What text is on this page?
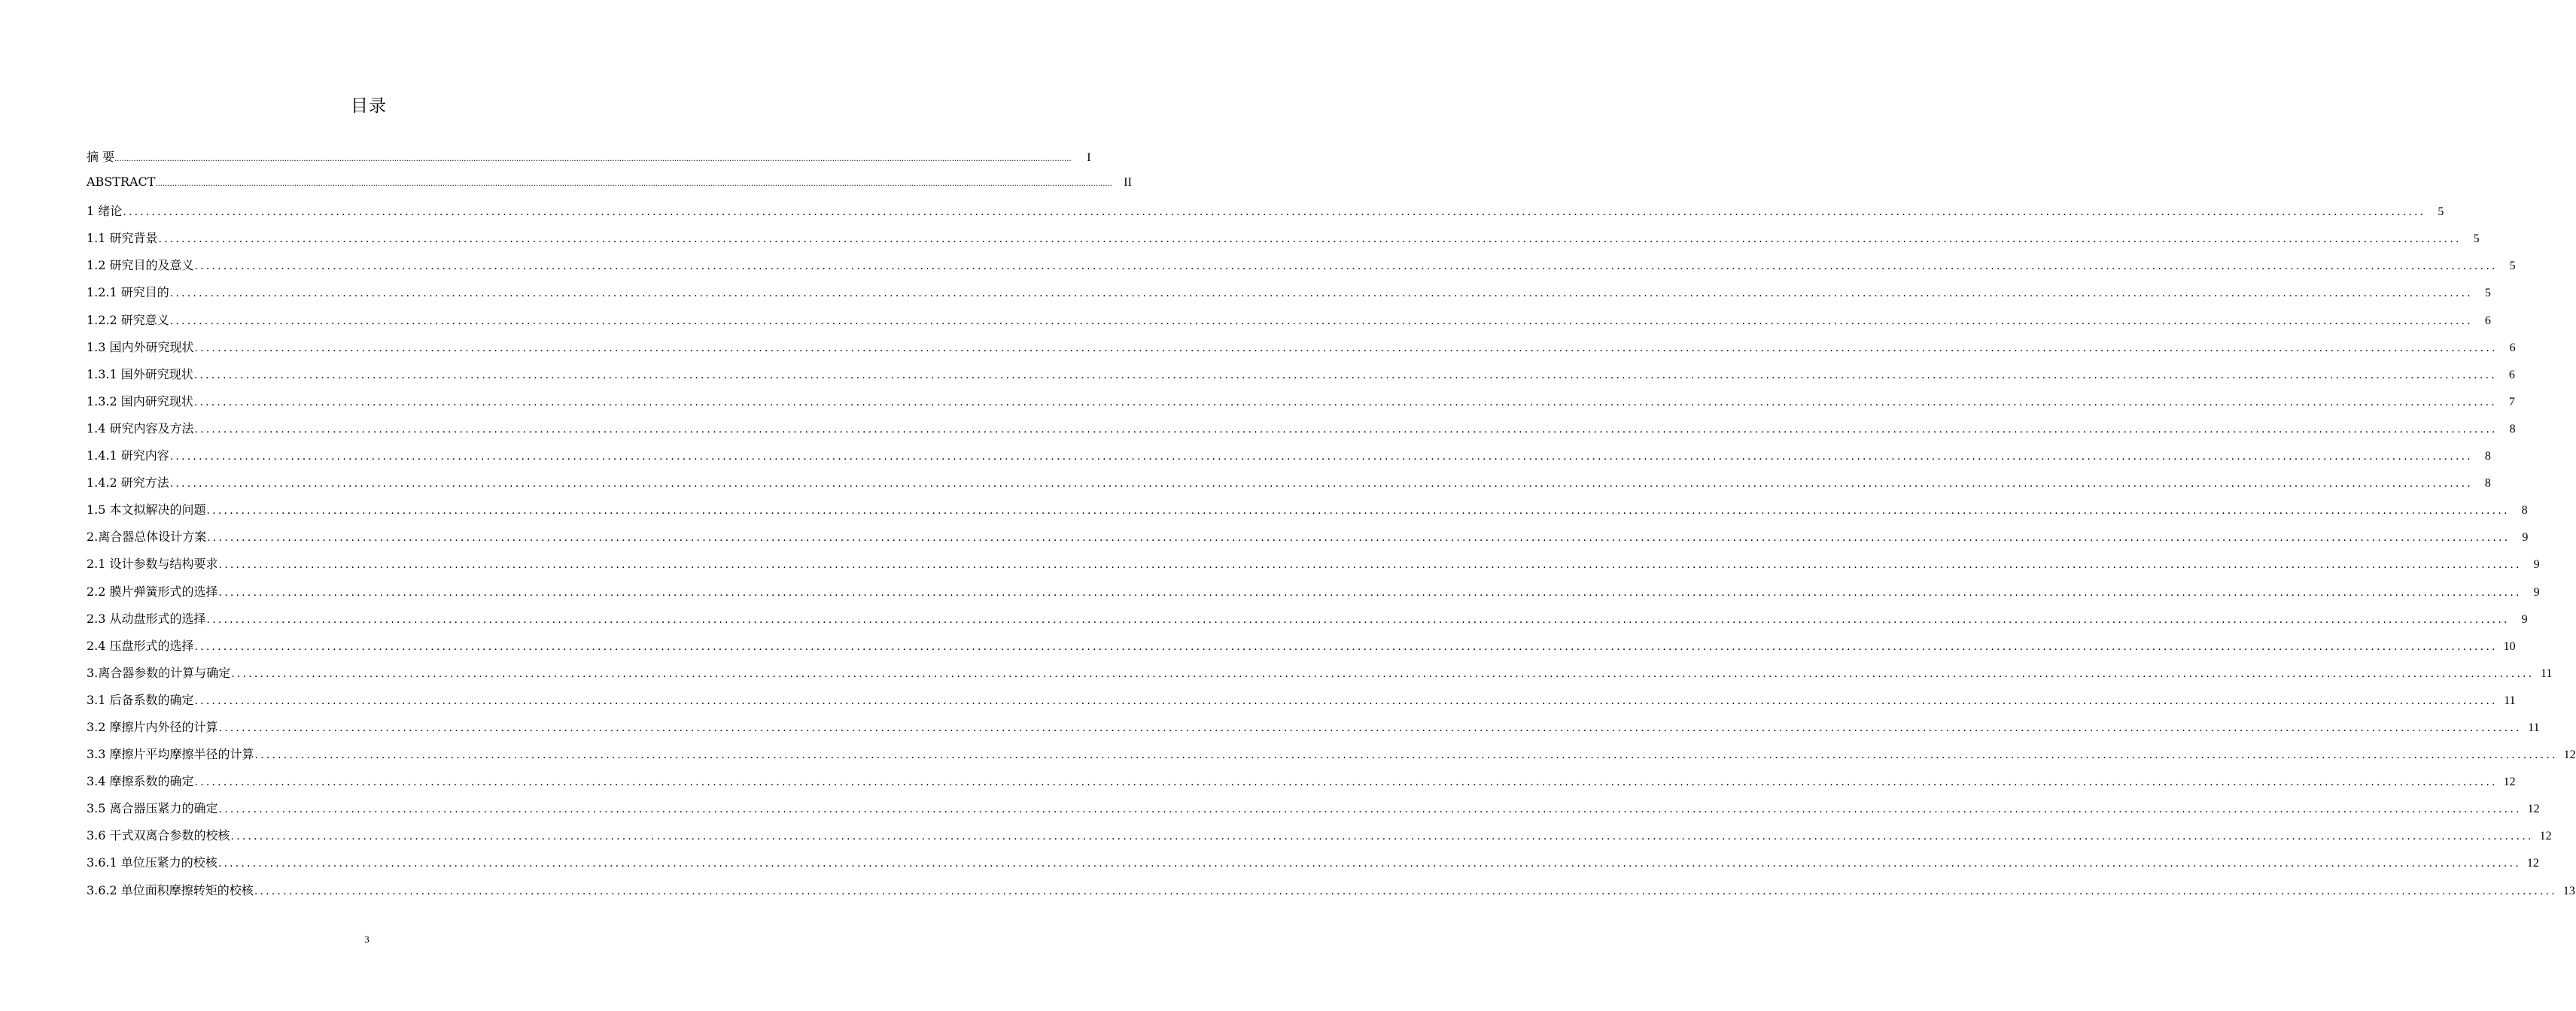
目录
摘 要 ................................................................................................................................................................................................................................................................................................................................................................................................................	I
ABSTRACT ................................................................................................................................................................................................................................................................................................................................................................................................................ II
1 绪论 ................................................................................................................................................................................................................................................................................................................................................................................................................	5
1.1 研究背景 ................................................................................................................................................................................................................................................................................................................................................................................................................	5
1.2 研究目的及意义 ................................................................................................................................................................................................................................................................................................................................................................................................................	5
1.2.1 研究目的 ................................................................................................................................................................................................................................................................................................................................................................................................................	5
1.2.2 研究意义 ................................................................................................................................................................................................................................................................................................................................................................................................................	6
1.3 国内外研究现状 ................................................................................................................................................................................................................................................................................................................................................................................................................	6
1.3.1 国外研究现状 ................................................................................................................................................................................................................................................................................................................................................................................................................	6
1.3.2 国内研究现状 ................................................................................................................................................................................................................................................................................................................................................................................................................	7
1.4 研究内容及方法 ................................................................................................................................................................................................................................................................................................................................................................................................................	8
1.4.1 研究内容 ................................................................................................................................................................................................................................................................................................................................................................................................................	8
1.4.2 研究方法 ................................................................................................................................................................................................................................................................................................................................................................................................................	8
1.5 本文拟解决的问题 ................................................................................................................................................................................................................................................................................................................................................................................................................	8
2.离合器总体设计方案 ................................................................................................................................................................................................................................................................................................................................................................................................................	9
2.1 设计参数与结构要求 ................................................................................................................................................................................................................................................................................................................................................................................................................	9
2.2 膜片弹簧形式的选择 ................................................................................................................................................................................................................................................................................................................................................................................................................	9
2.3 从动盘形式的选择 ................................................................................................................................................................................................................................................................................................................................................................................................................	9
2.4 压盘形式的选择 ................................................................................................................................................................................................................................................................................................................................................................................................................ 10
3.离合器参数的计算与确定 ................................................................................................................................................................................................................................................................................................................................................................................................................ 11
3.1 后备系数的确定 ................................................................................................................................................................................................................................................................................................................................................................................................................ 11
3.2 摩擦片内外径的计算 ................................................................................................................................................................................................................................................................................................................................................................................................................ 11
3.3 摩擦片平均摩擦半径的计算 ................................................................................................................................................................................................................................................................................................................................................................................................................ 12
3.4 摩擦系数的确定 ................................................................................................................................................................................................................................................................................................................................................................................................................ 12
3.5 离合器压紧力的确定 ................................................................................................................................................................................................................................................................................................................................................................................................................ 12
3.6 干式双离合参数的校核 ................................................................................................................................................................................................................................................................................................................................................................................................................ 12
3.6.1 单位压紧力的校核 ................................................................................................................................................................................................................................................................................................................................................................................................................ 12
3.6.2 单位面积摩擦转矩的校核 ................................................................................................................................................................................................................................................................................................................................................................................................................ 13
3
